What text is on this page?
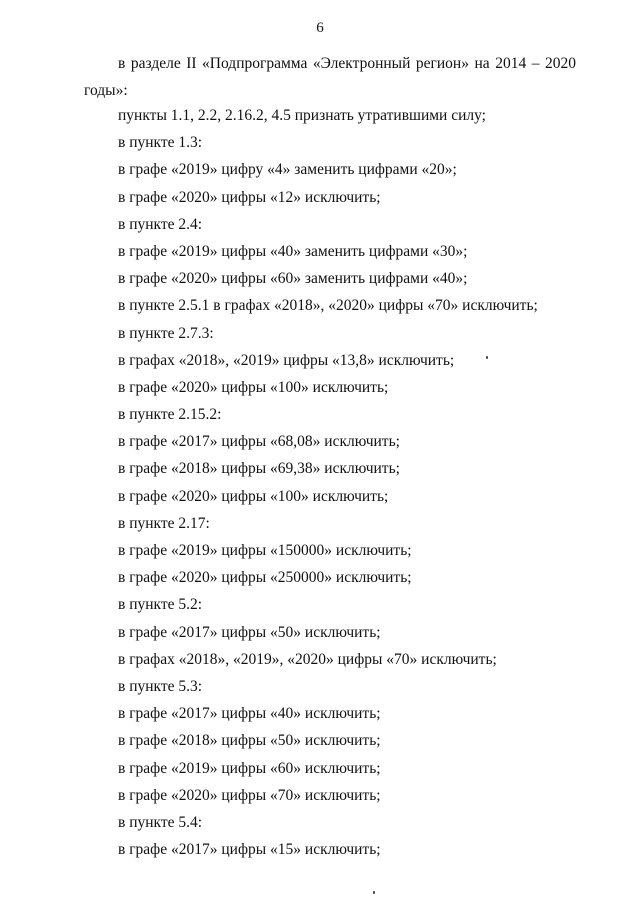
6

в разделе II «Подпрограмма «Электронный регион» на 2014 – 2020 годы»:

пункты 1.1, 2.2, 2.16.2, 4.5 признать утратившими силу;
в пункте 1.3:
в графе «2019» цифру «4» заменить цифрами «20»;
в графе «2020» цифры «12» исключить;
в пункте 2.4:
в графе «2019» цифры «40» заменить цифрами «30»;
в графе «2020» цифры «60» заменить цифрами «40»;
в пункте 2.5.1 в графах «2018», «2020» цифры «70» исключить;
в пункте 2.7.3:
в графах «2018», «2019» цифры «13,8» исключить;
в графе «2020» цифры «100» исключить;
в пункте 2.15.2:
в графе «2017» цифры «68,08» исключить;
в графе «2018» цифры «69,38» исключить;
в графе «2020» цифры «100» исключить;
в пункте 2.17:
в графе «2019» цифры «150000» исключить;
в графе «2020» цифры «250000» исключить;
в пункте 5.2:
в графе «2017» цифры «50» исключить;
в графах «2018», «2019», «2020» цифры «70» исключить;
в пункте 5.3:
в графе «2017» цифры «40» исключить;
в графе «2018» цифры «50» исключить;
в графе «2019» цифры «60» исключить;
в графе «2020» цифры «70» исключить;
в пункте 5.4:
в графе «2017» цифры «15» исключить;
